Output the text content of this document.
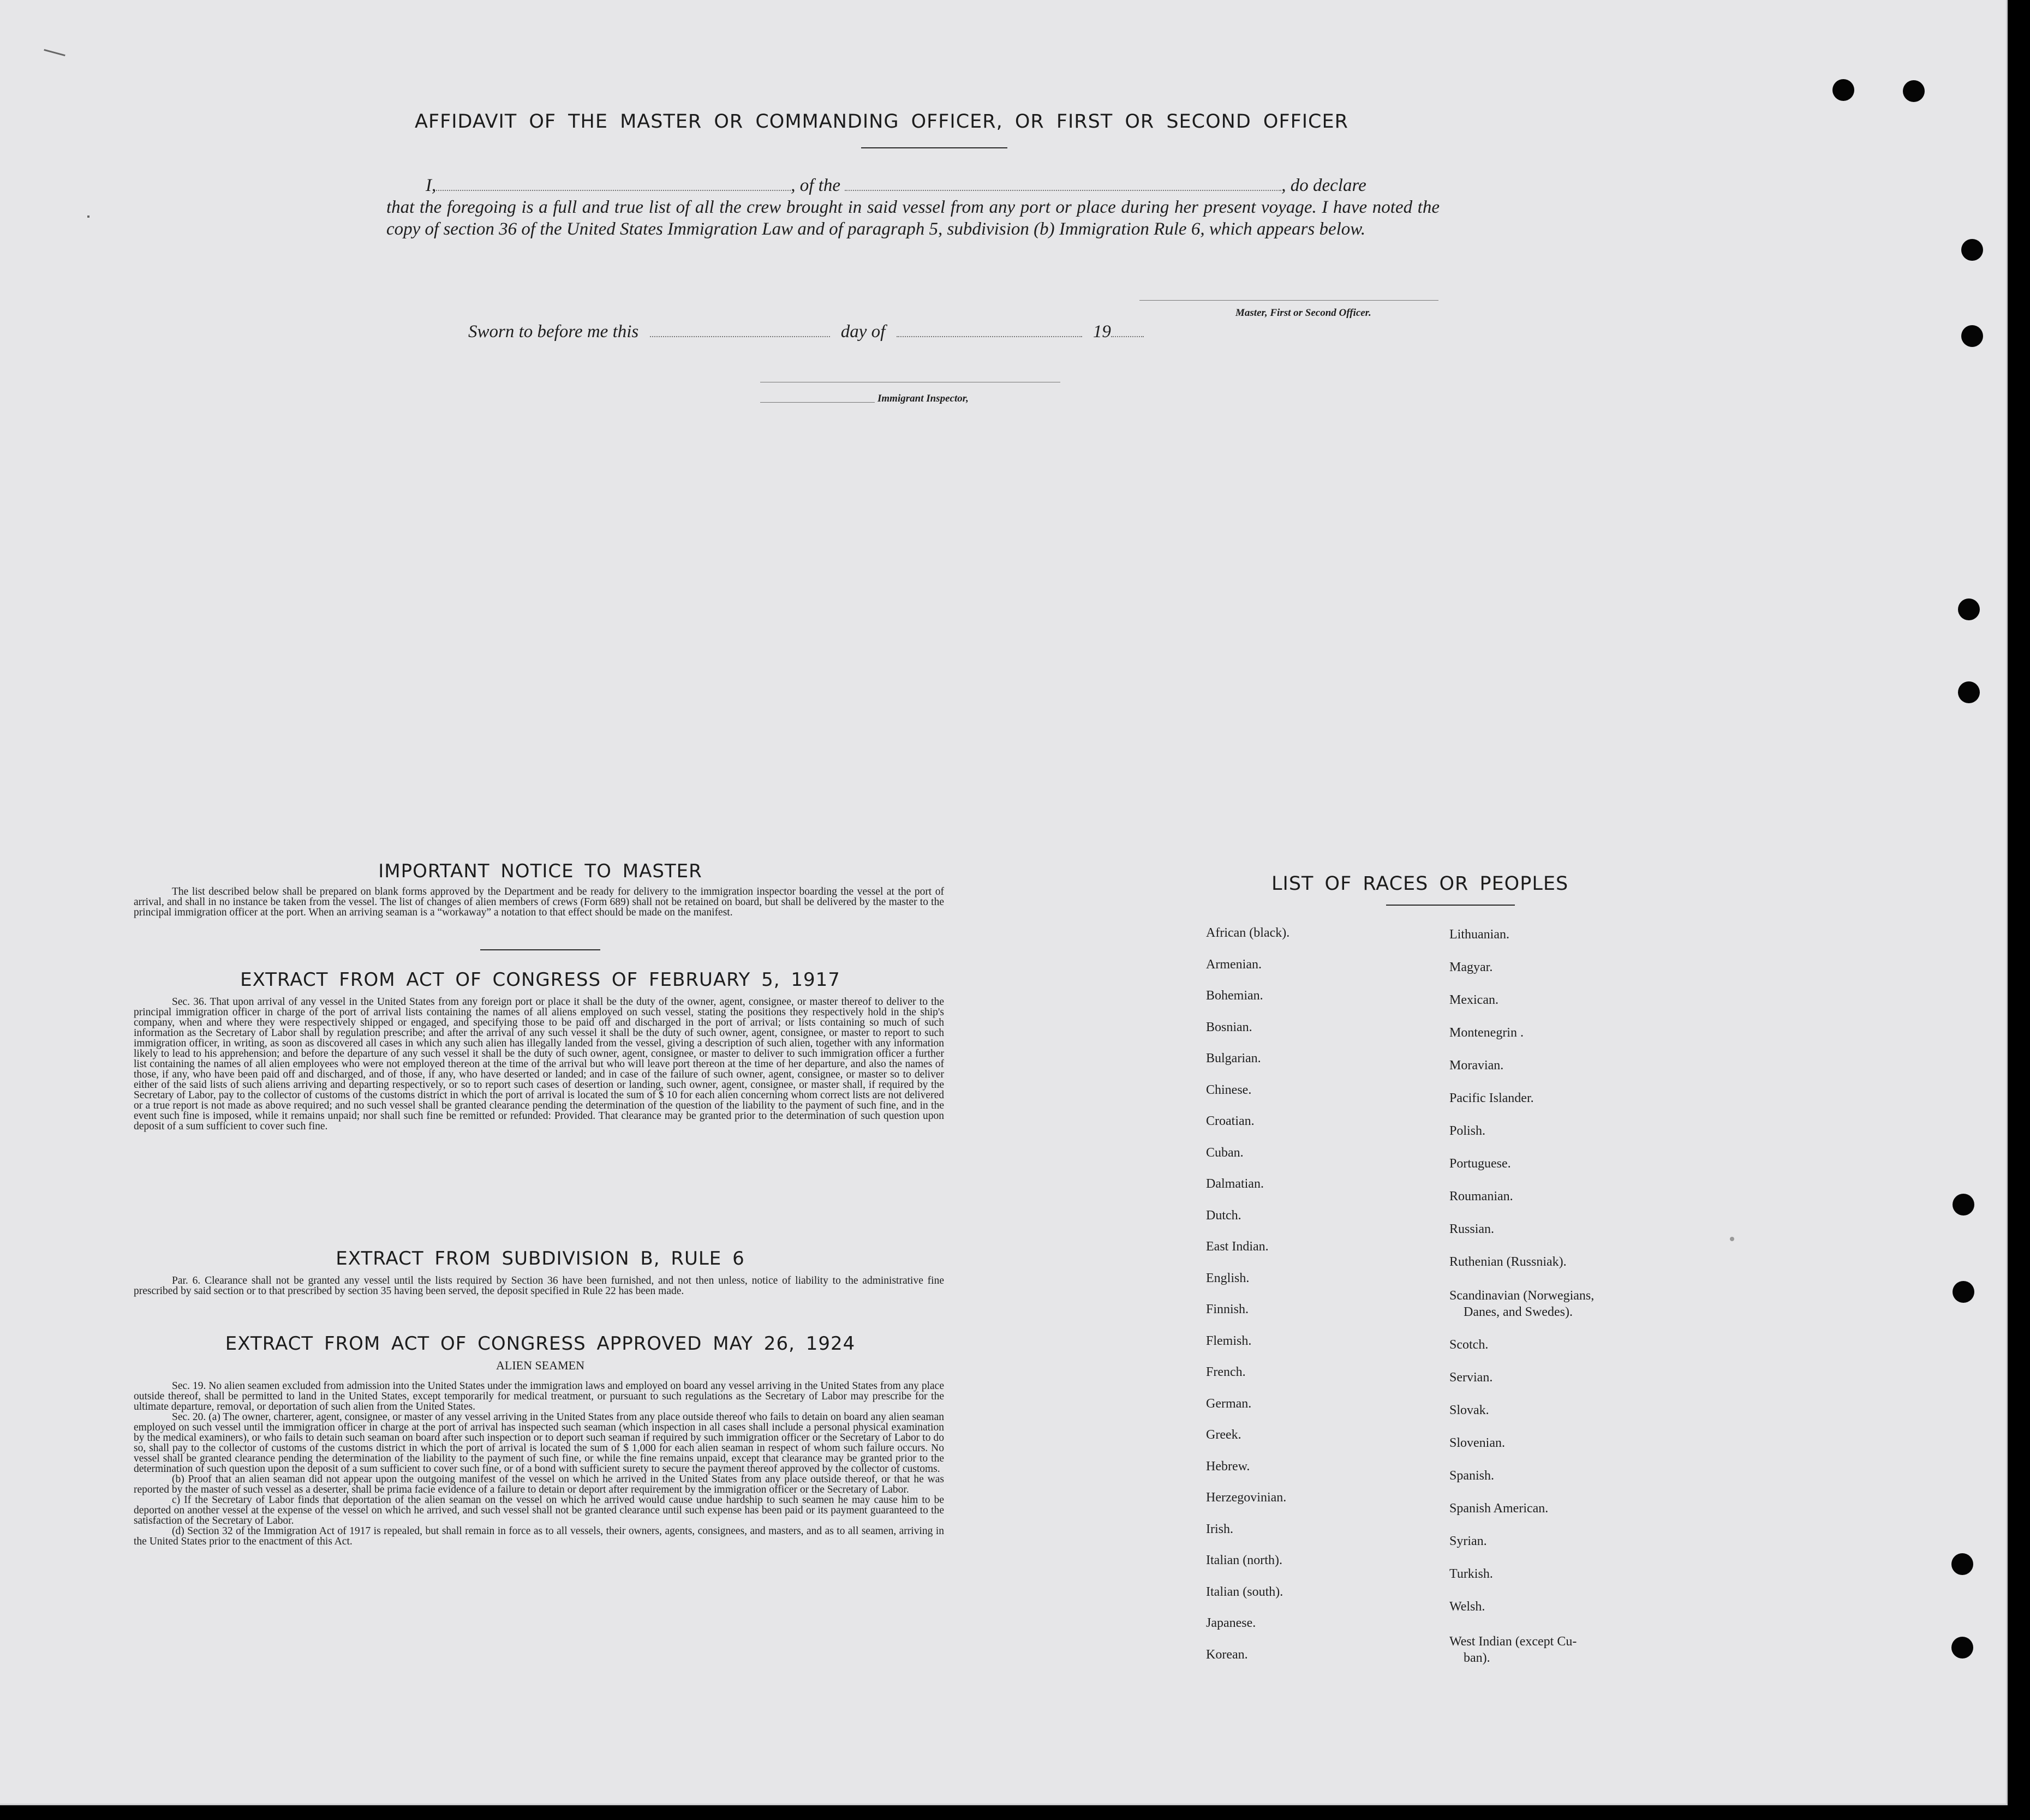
AFFIDAVIT OF THE MASTER OR COMMANDING OFFICER, OR FIRST OR SECOND OFFICER
I,	, of the	, do declare
that the foregoing is a full and true list of all the crew brought in said vessel from any port or place during her present voyage. I have noted the copy of section 36 of the United States Immigration Law and of paragraph 5, subdivision (b) Immigration Rule 6, which appears below.
Master, First or Second Officer.
Sworn to before me this	day of	19
Immigrant Inspector,
IMPORTANT NOTICE TO MASTER

The list described below shall be prepared on blank forms approved by the Department and be ready for delivery to the immigration inspector boarding the vessel at the port of arrival, and shall in no instance be taken from the vessel. The list of changes of alien members of crews (Form 689) shall not be retained on board, but shall be delivered by the master to the principal immigration officer at the port. When an arriving seaman is a “workaway” a notation to that effect should be made on the manifest.

EXTRACT FROM ACT OF CONGRESS OF FEBRUARY 5, 1917

Sec. 36. That upon arrival of any vessel in the United States from any foreign port or place it shall be the duty of the owner, agent, consignee, or master thereof to deliver to the principal immigration officer in charge of the port of arrival lists containing the names of all aliens employed on such vessel, stating the positions they respectively hold in the ship's company, when and where they were respectively shipped or engaged, and specifying those to be paid off and discharged in the port of arrival; or lists containing so much of such information as the Secretary of Labor shall by regulation prescribe; and after the arrival of any such vessel it shall be the duty of such owner, agent, consignee, or master to report to such immigration officer, in writing, as soon as discovered all cases in which any such alien has illegally landed from the vessel, giving a description of such alien, together with any information likely to lead to his apprehension; and before the departure of any such vessel it shall be the duty of such owner, agent, consignee, or master to deliver to such immigration officer a further list containing the names of all alien employees who were not employed thereon at the time of the arrival but who will leave port thereon at the time of her departure, and also the names of those, if any, who have been paid off and discharged, and of those, if any, who have deserted or landed; and in case of the failure of such owner, agent, consignee, or master so to deliver either of the said lists of such aliens arriving and departing respectively, or so to report such cases of desertion or landing, such owner, agent, consignee, or master shall, if required by the Secretary of Labor, pay to the collector of customs of the customs district in which the port of arrival is located the sum of $ 10 for each alien concerning whom correct lists are not delivered or a true report is not made as above required; and no such vessel shall be granted clearance pending the determination of the question of the liability to the payment of such fine, and in the event such fine is imposed, while it remains unpaid; nor shall such fine be remitted or refunded: Provided. That clearance may be granted prior to the determination of such question upon deposit of a sum sufficient to cover such fine.

EXTRACT FROM SUBDIVISION B, RULE 6

Par. 6. Clearance shall not be granted any vessel until the lists required by Section 36 have been furnished, and not then unless, notice of liability to the administrative fine prescribed by said section or to that prescribed by section 35 having been served, the deposit specified in Rule 22 has been made.

EXTRACT FROM ACT OF CONGRESS APPROVED MAY 26, 1924
ALIEN SEAMEN

Sec. 19. No alien seamen excluded from admission into the United States under the immigration laws and employed on board any vessel arriving in the United States from any place outside thereof, shall be permitted to land in the United States, except temporarily for medical treatment, or pursuant to such regulations as the Secretary of Labor may prescribe for the ultimate departure, removal, or deportation of such alien from the United States.

Sec. 20. (a) The owner, charterer, agent, consignee, or master of any vessel arriving in the United States from any place outside thereof who fails to detain on board any alien seaman employed on such vessel until the immigration officer in charge at the port of arrival has inspected such seaman (which inspection in all cases shall include a personal physical examination by the medical examiners), or who fails to detain such seaman on board after such inspection or to deport such seaman if required by such immigration officer or the Secretary of Labor to do so, shall pay to the collector of customs of the customs district in which the port of arrival is located the sum of $ 1,000 for each alien seaman in respect of whom such failure occurs. No vessel shall be granted clearance pending the determination of the liability to the payment of such fine, or while the fine remains unpaid, except that clearance may be granted prior to the determination of such question upon the deposit of a sum sufficient to cover such fine, or of a bond with sufficient surety to secure the payment thereof approved by the collector of customs.

(b) Proof that an alien seaman did not appear upon the outgoing manifest of the vessel on which he arrived in the United States from any place outside thereof, or that he was reported by the master of such vessel as a deserter, shall be prima facie evidence of a failure to detain or deport after requirement by the immigration officer or the Secretary of Labor.

c) If the Secretary of Labor finds that deportation of the alien seaman on the vessel on which he arrived would cause undue hardship to such seamen he may cause him to be deported on another vessel at the expense of the vessel on which he arrived, and such vessel shall not be granted clearance until such expense has been paid or its payment guaranteed to the satisfaction of the Secretary of Labor.

(d) Section 32 of the Immigration Act of 1917 is repealed, but shall remain in force as to all vessels, their owners, agents, consignees, and masters, and as to all seamen, arriving in the United States prior to the enactment of this Act.

LIST OF RACES OR PEOPLES
African (black).
Armenian.
Bohemian.
Bosnian.
Bulgarian.
Chinese.
Croatian.
Cuban.
Dalmatian.
Dutch.
East Indian.
English.
Finnish.
Flemish.
French.
German.
Greek.
Hebrew.
Herzegovinian.
Irish.
Italian (north).
Italian (south).
Japanese.
Korean.
Lithuanian.
Magyar.
Mexican.
Montenegrin .
Moravian.
Pacific Islander.
Polish.
Portuguese.
Roumanian.
Russian.
Ruthenian (Russniak).
Scandinavian (Norwegians,
Danes, and Swedes).
Scotch.
Servian.
Slovak.
Slovenian.
Spanish.
Spanish American.
Syrian.
Turkish.
Welsh.
West Indian (except Cu-
ban).
